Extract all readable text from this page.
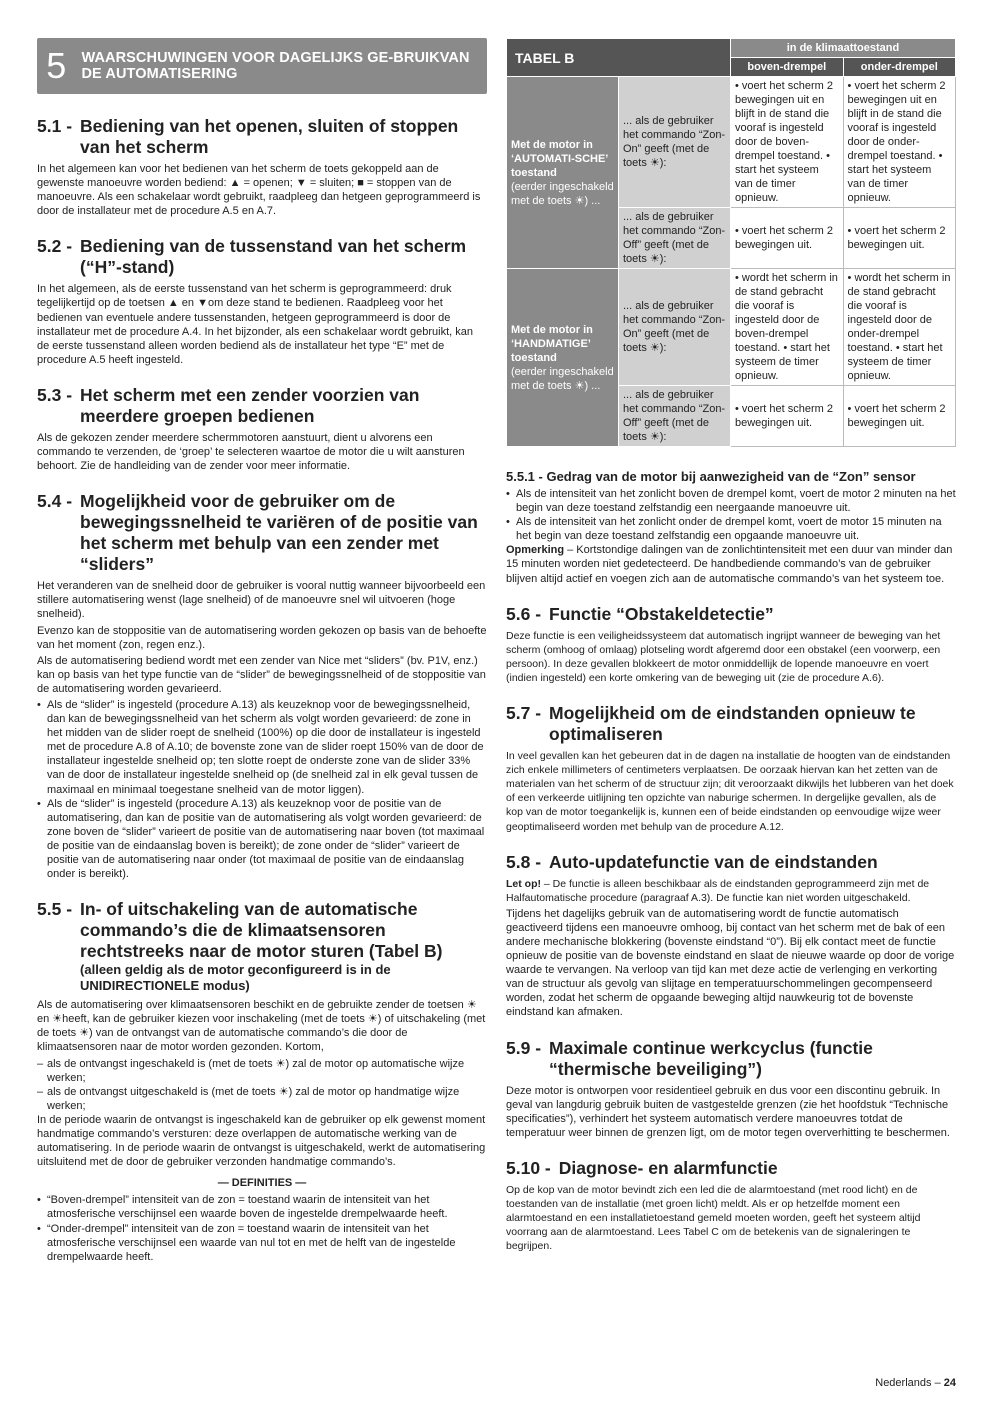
5	WAARSCHUWINGEN VOOR DAGELIJKS GE-BRUIKVAN DE AUTOMATISERING
5.1 - Bediening van het openen, sluiten of stoppen van het scherm

In het algemeen kan voor het bedienen van het scherm de toets gekoppeld aan de gewenste manoeuvre worden bediend: ▲ = openen; ▼ = sluiten; ■ = stoppen van de manoeuvre. Als een schakelaar wordt gebruikt, raadpleeg dan hetgeen geprogrammeerd is door de installateur met de procedure A.5 en A.7.

5.2 - Bediening van de tussenstand van het scherm (“H”-stand)

In het algemeen, als de eerste tussenstand van het scherm is geprogrammeerd: druk tegelijkertijd op de toetsen ▲ en ▼om deze stand te bedienen. Raadpleeg voor het bedienen van eventuele andere tussenstanden, hetgeen geprogrammeerd is door de installateur met de procedure A.4. In het bijzonder, als een schakelaar wordt gebruikt, kan de eerste tussenstand alleen worden bediend als de installateur het type “E” met de procedure A.5 heeft ingesteld.

5.3 - Het scherm met een zender voorzien van meerdere groepen bedienen

Als de gekozen zender meerdere schermmotoren aanstuurt, dient u alvorens een commando te verzenden, de ‘groep’ te selecteren waartoe de motor die u wilt aansturen behoort. Zie de handleiding van de zender voor meer informatie.

5.4 - Mogelijkheid voor de gebruiker om de bewegingssnelheid te variëren of de positie van het scherm met behulp van een zender met “sliders”

Het veranderen van de snelheid door de gebruiker is vooral nuttig wanneer bijvoorbeeld een stillere automatisering wenst (lage snelheid) of de manoeuvre snel wil uitvoeren (hoge snelheid).

Evenzo kan de stoppositie van de automatisering worden gekozen op basis van de behoefte van het moment (zon, regen enz.).

Als de automatisering bediend wordt met een zender van Nice met “sliders” (bv. P1V, enz.) kan op basis van het type functie van de “slider” de bewegingssnelheid of de stoppositie van de automatisering worden gevarieerd.

• Als de “slider” is ingesteld (procedure A.13) als keuzeknop voor de bewegingssnelheid, dan kan de bewegingssnelheid van het scherm als volgt worden gevarieerd: de zone in het midden van de slider roept de snelheid (100%) op die door de installateur is ingesteld met de procedure A.8 of A.10; de bovenste zone van de slider roept 150% van de door de installateur ingestelde snelheid op; ten slotte roept de onderste zone van de slider 33% van de door de installateur ingestelde snelheid op (de snelheid zal in elk geval tussen de maximaal en minimaal toegestane snelheid van de motor liggen).
• Als de “slider” is ingesteld (procedure A.13) als keuzeknop voor de positie van de automatisering, dan kan de positie van de automatisering als volgt worden gevarieerd: de zone boven de “slider” varieert de positie van de automatisering naar boven (tot maximaal de positie van de eindaanslag boven is bereikt); de zone onder de “slider” varieert de positie van de automatisering naar onder (tot maximaal de positie van de eindaanslag onder is bereikt).
5.5 - In- of uitschakeling van de automatische commando’s die de klimaatsensoren rechtstreeks naar de motor sturen (Tabel B)
(alleen geldig als de motor geconfigureerd is in de UNIDIRECTIONELE modus)

Als de automatisering over klimaatsensoren beschikt en de gebruikte zender de toetsen ☀ en ☀heeft, kan de gebruiker kiezen voor inschakeling (met de toets ☀) of uitschakeling (met de toets ☀) van de ontvangst van de automatische commando’s die door de klimaatsensoren naar de motor worden gezonden. Kortom,

– als de ontvangst ingeschakeld is (met de toets ☀) zal de motor op automatische wijze werken;
– als de ontvangst uitgeschakeld is (met de toets ☀) zal de motor op handmatige wijze werken;

In de periode waarin de ontvangst is ingeschakeld kan de gebruiker op elk gewenst moment handmatige commando’s versturen: deze overlappen de automatische werking van de automatisering. In de periode waarin de ontvangst is uitgeschakeld, werkt de automatisering uitsluitend met de door de gebruiker verzonden handmatige commando’s.

— DEFINITIES —
• “Boven-drempel” intensiteit van de zon = toestand waarin de intensiteit van het atmosferische verschijnsel een waarde boven de ingestelde drempelwaarde heeft.
• “Onder-drempel” intensiteit van de zon = toestand waarin de intensiteit van het atmosferische verschijnsel een waarde van nul tot en met de helft van de ingestelde drempelwaarde heeft.
TABEL B		in de klimaattoestand	
		boven-drempel	onder-drempel

Met de motor in ‘AUTOMATI-SCHE’ toestand
(eerder ingeschakeld met de toets ☀) ...	... als de gebruiker het commando “Zon-On” geeft (met de toets ☀):	• voert het scherm 2 bewegingen uit en blijft in de stand die vooraf is ingesteld door de boven-drempel toestand. • start het systeem van de timer opnieuw.	• voert het scherm 2 bewegingen uit en blijft in de stand die vooraf is ingesteld door de onder-drempel toestand. • start het systeem van de timer opnieuw.
	... als de gebruiker het commando “Zon-Off” geeft (met de toets ☀):	• voert het scherm 2 bewegingen uit.	• voert het scherm 2 bewegingen uit.

Met de motor in ‘HANDMATIGE’ toestand
(eerder ingeschakeld met de toets ☀) ...	... als de gebruiker het commando “Zon-On” geeft (met de toets ☀):	• wordt het scherm in de stand gebracht die vooraf is ingesteld door de boven-drempel toestand. • start het systeem de timer opnieuw.	• wordt het scherm in de stand gebracht die vooraf is ingesteld door de onder-drempel toestand. • start het systeem de timer opnieuw.
	... als de gebruiker het commando “Zon-Off” geeft (met de toets ☀):	• voert het scherm 2 bewegingen uit.	• voert het scherm 2 bewegingen uit.
5.5.1 - Gedrag van de motor bij aanwezigheid van de “Zon” sensor
• Als de intensiteit van het zonlicht boven de drempel komt, voert de motor 2 minuten na het begin van deze toestand zelfstandig een neergaande manoeuvre uit.
• Als de intensiteit van het zonlicht onder de drempel komt, voert de motor 15 minuten na het begin van deze toestand zelfstandig een opgaande manoeuvre uit.

Opmerking – Kortstondige dalingen van de zonlichtintensiteit met een duur van minder dan 15 minuten worden niet gedetecteerd. De handbediende commando’s van de gebruiker blijven altijd actief en voegen zich aan de automatische commando’s van het systeem toe.

5.6 - Functie “Obstakeldetectie”

Deze functie is een veiligheidssysteem dat automatisch ingrijpt wanneer de beweging van het scherm (omhoog of omlaag) plotseling wordt afgeremd door een obstakel (een voorwerp, een persoon). In deze gevallen blokkeert de motor onmiddellijk de lopende manoeuvre en voert (indien ingesteld) een korte omkering van de beweging uit (zie de procedure A.6).

5.7 - Mogelijkheid om de eindstanden opnieuw te optimaliseren

In veel gevallen kan het gebeuren dat in de dagen na installatie de hoogten van de eindstanden zich enkele millimeters of centimeters verplaatsen. De oorzaak hiervan kan het zetten van de materialen van het scherm of de structuur zijn; dit veroorzaakt dikwijls het lubberen van het doek of een verkeerde uitlijning ten opzichte van naburige schermen. In dergelijke gevallen, als de kop van de motor toegankelijk is, kunnen een of beide eindstanden op eenvoudige wijze weer geoptimaliseerd worden met behulp van de procedure A.12.

5.8 - Auto-updatefunctie van de eindstanden

Let op! – De functie is alleen beschikbaar als de eindstanden geprogrammeerd zijn met de Halfautomatische procedure (paragraaf A.3). De functie kan niet worden uitgeschakeld.

Tijdens het dagelijks gebruik van de automatisering wordt de functie automatisch geactiveerd tijdens een manoeuvre omhoog, bij contact van het scherm met de bak of een andere mechanische blokkering (bovenste eindstand “0”). Bij elk contact meet de functie opnieuw de positie van de bovenste eindstand en slaat de nieuwe waarde op door de vorige waarde te vervangen. Na verloop van tijd kan met deze actie de verlenging en verkorting van de structuur als gevolg van slijtage en temperatuurschommelingen gecompenseerd worden, zodat het scherm de opgaande beweging altijd nauwkeurig tot de bovenste eindstand kan afmaken.

5.9 - Maximale continue werkcyclus (functie “thermische beveiliging”)

Deze motor is ontworpen voor residentieel gebruik en dus voor een discontinu gebruik. In geval van langdurig gebruik buiten de vastgestelde grenzen (zie het hoofdstuk “Technische specificaties”), verhindert het systeem automatisch verdere manoeuvres totdat de temperatuur weer binnen de grenzen ligt, om de motor tegen oververhitting te beschermen.

5.10 - Diagnose- en alarmfunctie

Op de kop van de motor bevindt zich een led die de alarmtoestand (met rood licht) en de toestanden van de installatie (met groen licht) meldt. Als er op hetzelfde moment een alarmtoestand en een installatietoestand gemeld moeten worden, geeft het systeem altijd voorrang aan de alarmtoestand. Lees Tabel C om de betekenis van de signaleringen te begrijpen.

Nederlands – 24
